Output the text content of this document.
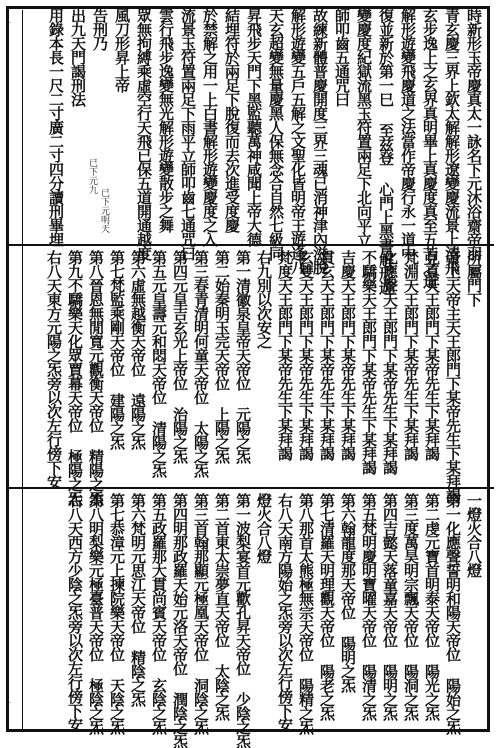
時新形玉帝慶真太一詠名下元沐浴齋帝羽
青玄慶三界上欽太解解形遼變慶流景上清飛
玄步逸上之玄界真明畢上真慶度真至五苦之道
解形遊變飛慶道之法當作帝慶行永一道中
復並新於第一巳 至兹登 心門上黑書解形遊
變慶度紀獄流黑玉符置兩足下北向平立
師叩齒五通咒曰
故練新體普慶開度三界三魂已消神津內滋脫
解形遊變五戶五解之文聖化皆明帝王遊逢八
天玄超變無量慶黑人保無念合自然七級同
昇飛步天門下黑監聽萬神咸聞上帝大德
結埋符於兩足下脫復而去次進受度慶
於禁解之用一上白書解形遊變慶度之入
流景玉符置兩足下雨平立師叩齒七通咒曰
雲行飛步逸變無光解形遊變散步之舞
眾無拘縛乘虛空行天飛已保五道開通越度
風刀形昇上帝
告刑乃
出九天門謁刑法
用錄本長一尺二寸廣二寸四分讀刑畢埋 已下元九
已下元明天
所屬門下
帝上天帝主天王郎門下某帝先生下某拜謁
見真天王郎門下某帝先生下某拜謁
梵淵天王郎門下某帝先生下某拜謁
化應聲天王郎門下某帝先生下某拜謁
不驕樂天王郎門下某帝先生下某拜謁
吉慶天王郎門下某帝先生下某拜謁
貫玄天王郎門下某帝先生下某拜謁
玄雙天王郎門下某帝先生下某拜謁
梵度天王郎門下某帝先生下某拜謁
右九別以次安之
第一清徽泉皇帝天帝位 元陽之炁
第二始秦明玉完天帝位 上陽之炁
第三春青清明何童天帝位 太陽之炁
第四元皇吉玄光上帝位 治陽之炁
第五元皇壽元和悶天帝位 清陽之炁
第六虛無越衡天帝位 遠陽之炁
第七梵監乘剛天帝位 建陽之炁
第八晉恩無閒寬元觀衡天帝位 精陽之炁
第九不驕樂天化眾賈幕天帝位 極陽之炁
右八天東方元陽之炁旁以次左行傍下安
一燈火合八燈
第一化應聲誓明和陽天帝位 陽始之炁
第二虔元寶首明泰天帝位 陽光之炁
第三度萬昊明宗飄天帝位 陽洞之炁
第四吉懿天落童嘉天帝位 陽明之炁
第五梵明慶明寶曜天帝位 陽清之炁
第六翰龍度那天帝位 陽明之炁
第七清羅天明理觀天帝位 陽老之炁
第八那首太熊極無宗天帝位 陽精之炁
右八天南方陽始之炁旁以次左行傍下安
燈火合八燈
第一波梨宴首元歡孔昇天帝位 少陰之炁
第二首東太崇夢直天帝位 太陰之炁
第三首翰那顯元極凰天帝位 洞陰之炁
第四明那政羅天始元洛天帝位 潤陰之炁
第五政羅那大貫尚賓天帝位 玄陰之炁
第六梵明元思江天帝位 精陰之炁
第七恭漳元上揀院樂天帝位 天陰之炁
第八明梨樂元極臺普天帝位 極陰之炁
右八天西方少陰之炁旁以次左行傍下安
·
·
